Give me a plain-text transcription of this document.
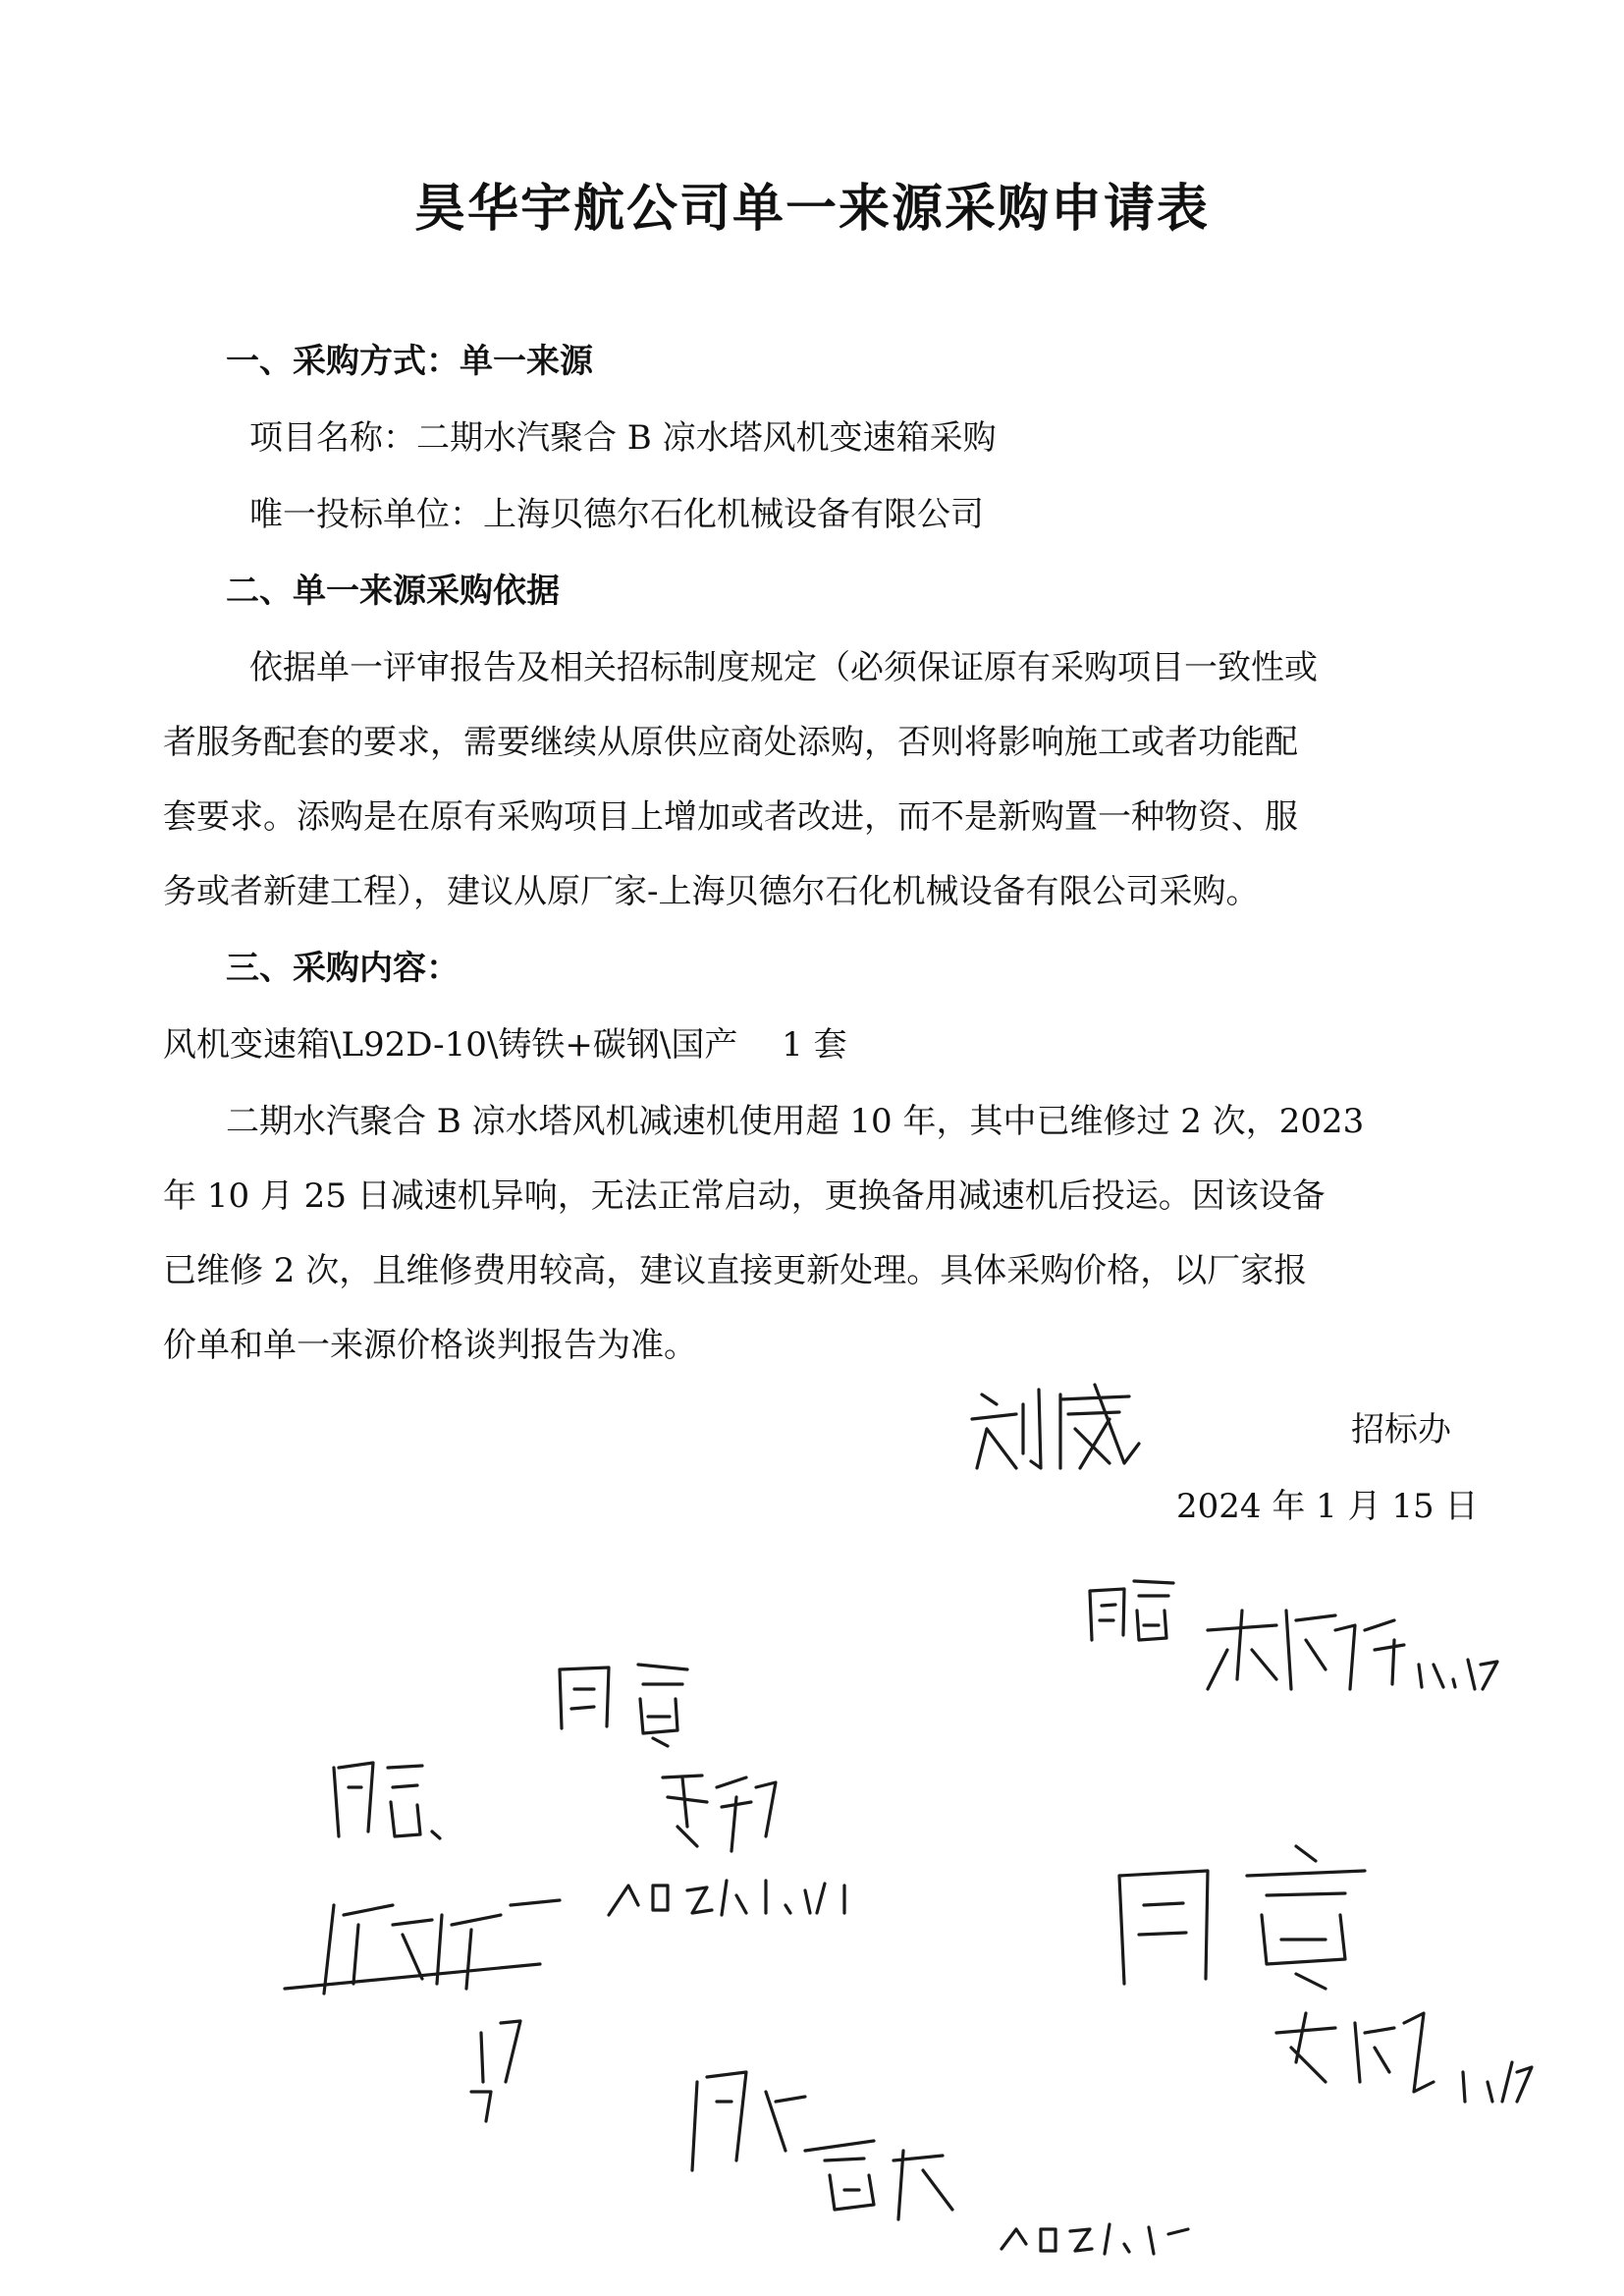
昊华宇航公司单一来源采购申请表
一、采购方式：单一来源
项目名称：二期水汽聚合 B 凉水塔风机变速箱采购
唯一投标单位：上海贝德尔石化机械设备有限公司
二、单一来源采购依据
依据单一评审报告及相关招标制度规定（必须保证原有采购项目一致性或
者服务配套的要求，需要继续从原供应商处添购，否则将影响施工或者功能配
套要求。添购是在原有采购项目上增加或者改进，而不是新购置一种物资、服
务或者新建工程），建议从原厂家-上海贝德尔石化机械设备有限公司采购。
三、采购内容：
风机变速箱\L92D-10\铸铁+碳钢\国产　 1 套
二期水汽聚合 B 凉水塔风机减速机使用超 10 年，其中已维修过 2 次，2023
年 10 月 25 日减速机异响，无法正常启动，更换备用减速机后投运。因该设备
已维修 2 次，且维修费用较高，建议直接更新处理。具体采购价格，以厂家报
价单和单一来源价格谈判报告为准。
招标办
2024 年 1 月 15 日
